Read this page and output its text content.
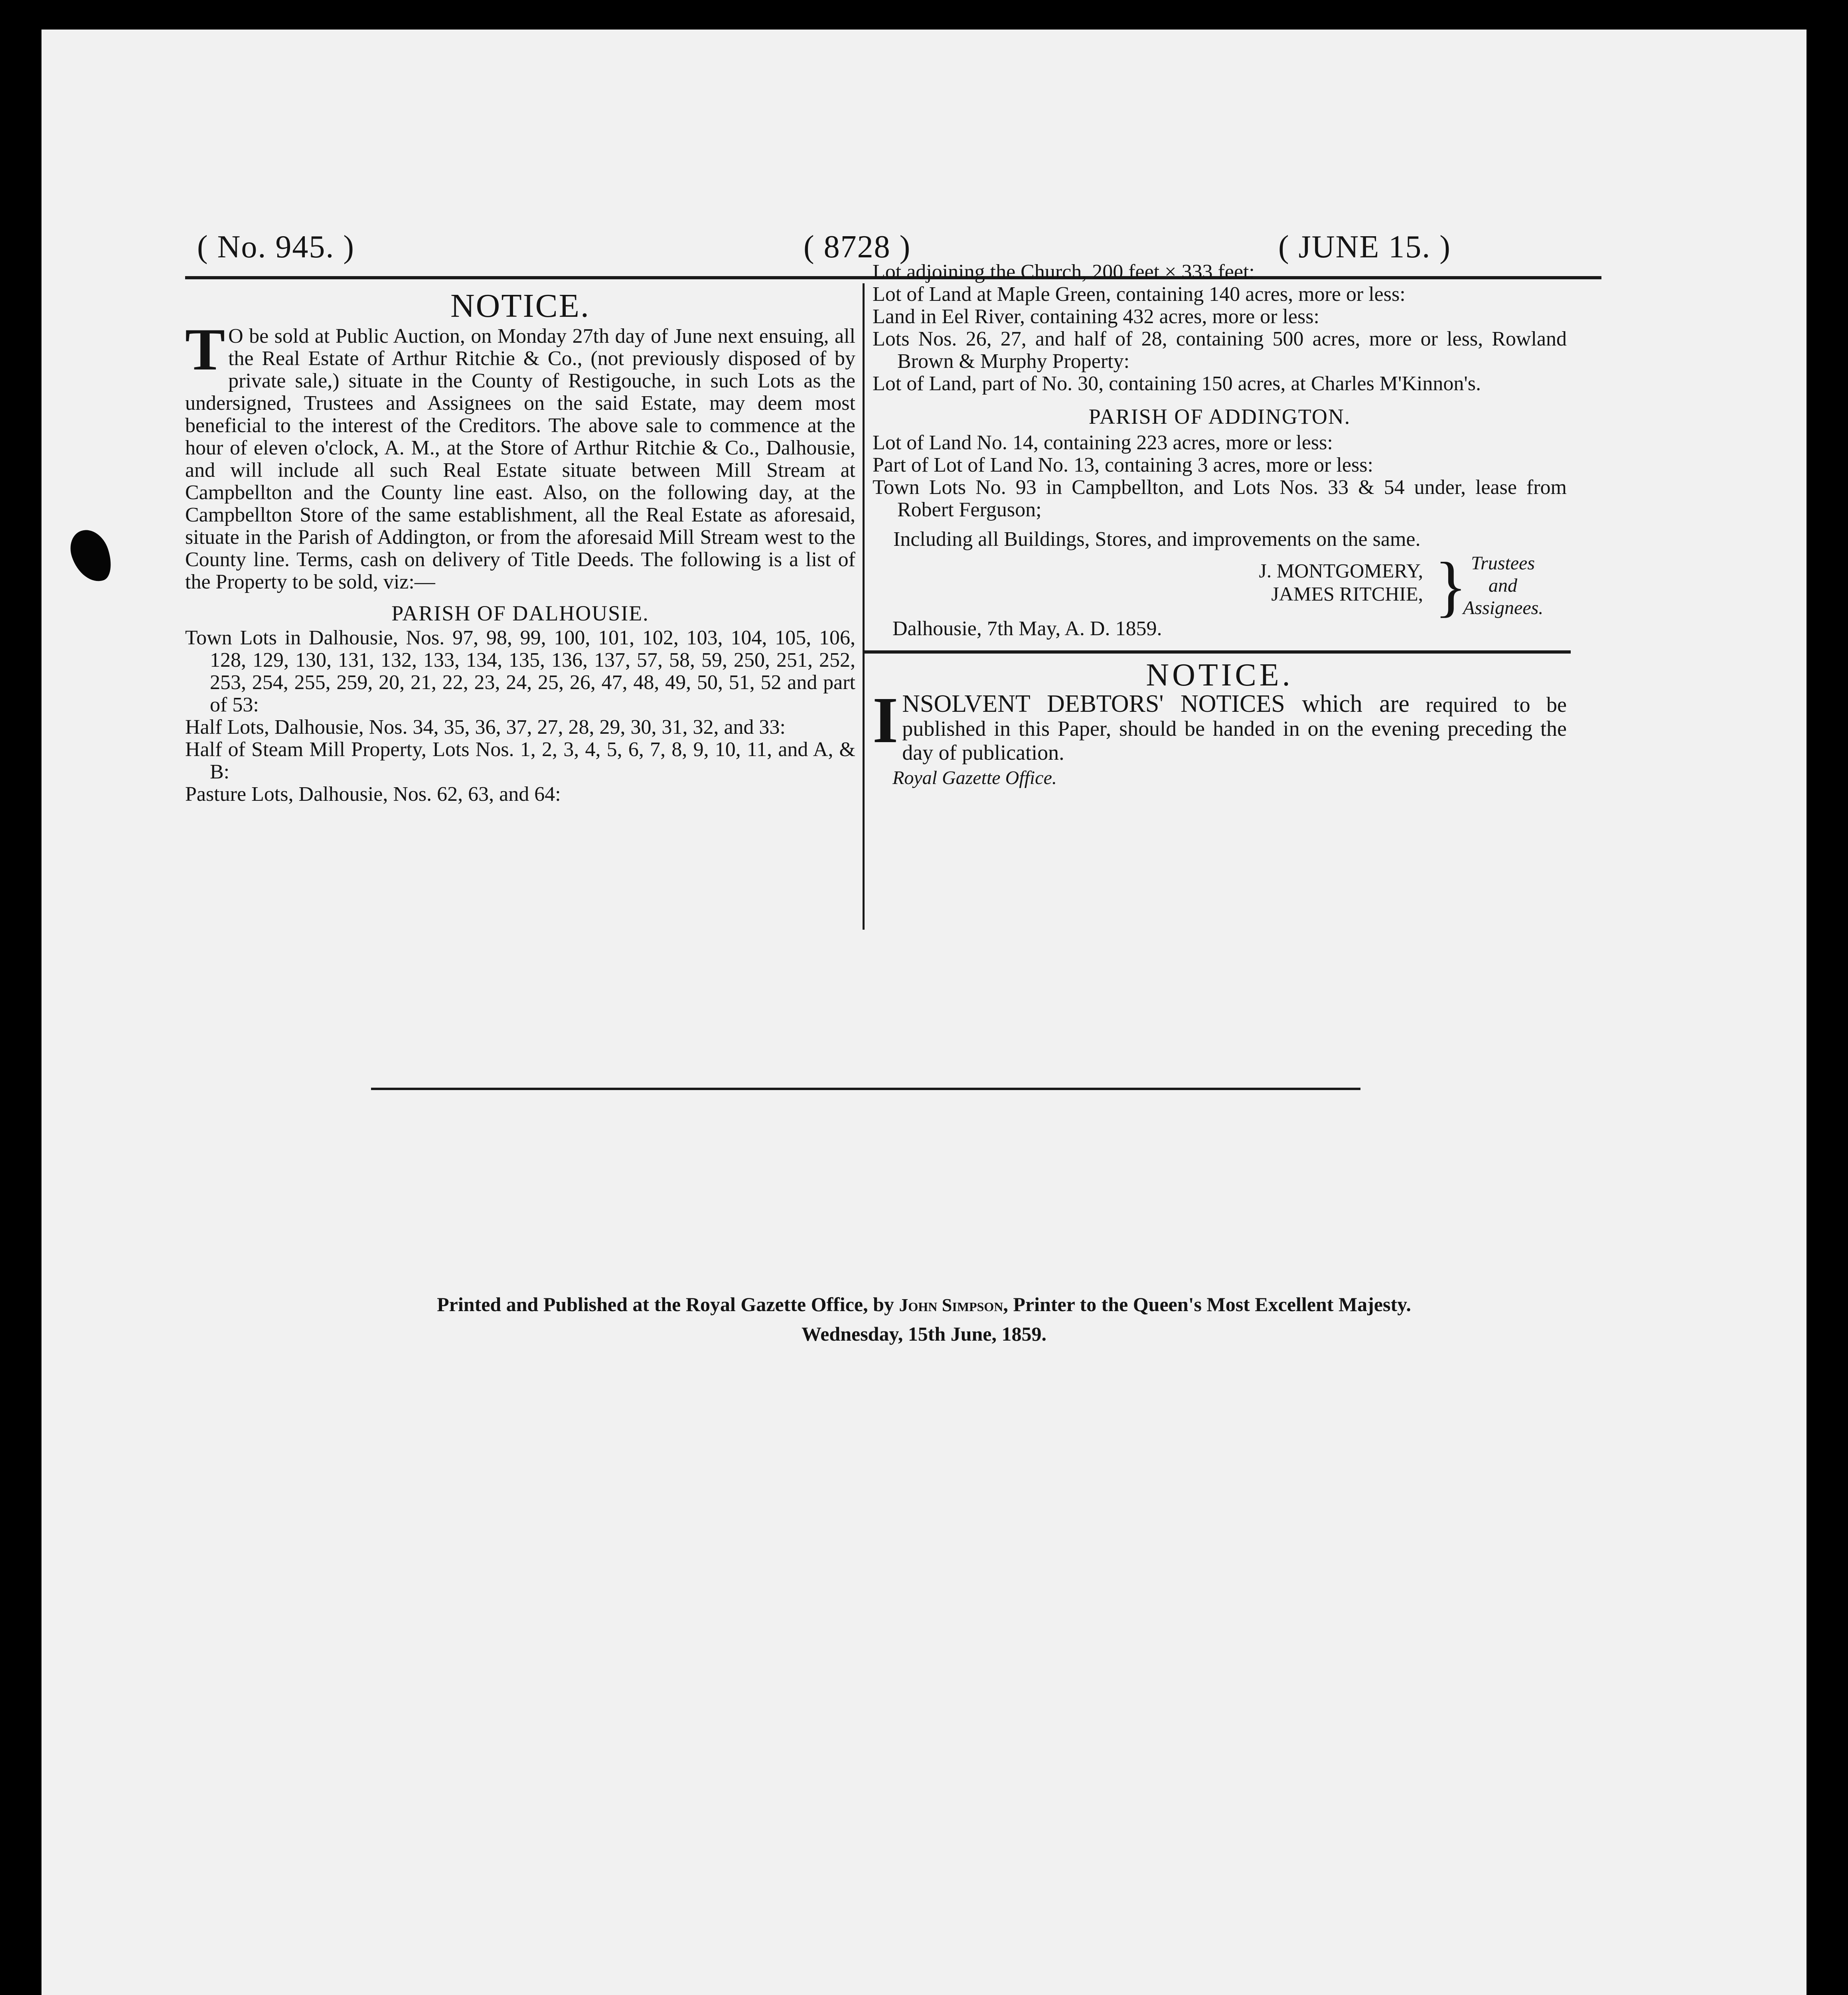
( No. 945. )	( 8728 )	( JUNE 15. )
NOTICE.

T O be sold at Public Auction, on Monday 27th day of June next ensuing, all the Real Estate of Arthur Ritchie & Co., (not previously disposed of by private sale,) situate in the County of Restigouche, in such Lots as the undersigned, Trustees and Assignees on the said Estate, may deem most beneficial to the interest of the Creditors. The above sale to commence at the hour of eleven o'clock, A. M., at the Store of Arthur Ritchie & Co., Dalhousie, and will include all such Real Estate situate between Mill Stream at Campbellton and the County line east. Also, on the following day, at the Campbellton Store of the same establishment, all the Real Estate as aforesaid, situate in the Parish of Addington, or from the aforesaid Mill Stream west to the County line. Terms, cash on delivery of Title Deeds. The following is a list of the Property to be sold, viz:—

PARISH OF DALHOUSIE.

Town Lots in Dalhousie, Nos. 97, 98, 99, 100, 101, 102, 103, 104, 105, 106, 128, 129, 130, 131, 132, 133, 134, 135, 136, 137, 57, 58, 59, 250, 251, 252, 253, 254, 255, 259, 20, 21, 22, 23, 24, 25, 26, 47, 48, 49, 50, 51, 52 and part of 53:

Half Lots, Dalhousie, Nos. 34, 35, 36, 37, 27, 28, 29, 30, 31, 32, and 33:

Half of Steam Mill Property, Lots Nos. 1, 2, 3, 4, 5, 6, 7, 8, 9, 10, 11, and A, & B:

Pasture Lots, Dalhousie, Nos. 62, 63, and 64:

Lot adjoining the Church, 200 feet × 333 feet:

Lot of Land at Maple Green, containing 140 acres, more or less:

Land in Eel River, containing 432 acres, more or less:

Lots Nos. 26, 27, and half of 28, containing 500 acres, more or less, Rowland Brown & Murphy Property:

Lot of Land, part of No. 30, containing 150 acres, at Charles M'Kinnon's.

PARISH OF ADDINGTON.

Lot of Land No. 14, containing 223 acres, more or less:

Part of Lot of Land No. 13, containing 3 acres, more or less:

Town Lots No. 93 in Campbellton, and Lots Nos. 33 & 54 under, lease from Robert Ferguson;

Including all Buildings, Stores, and improvements on the same.

J. MONTGOMERY,
JAMES RITCHIE, } Trustees
and
Assignees.

Dalhousie, 7th May, A. D. 1859.

NOTICE.

I NSOLVENT DEBTORS' NOTICES which are required to be published in this Paper, should be handed in on the evening preceding the day of publication.

Royal Gazette Office.

Printed and Published at the Royal Gazette Office, by John Simpson, Printer to the Queen's Most Excellent Majesty.
Wednesday, 15th June, 1859.
